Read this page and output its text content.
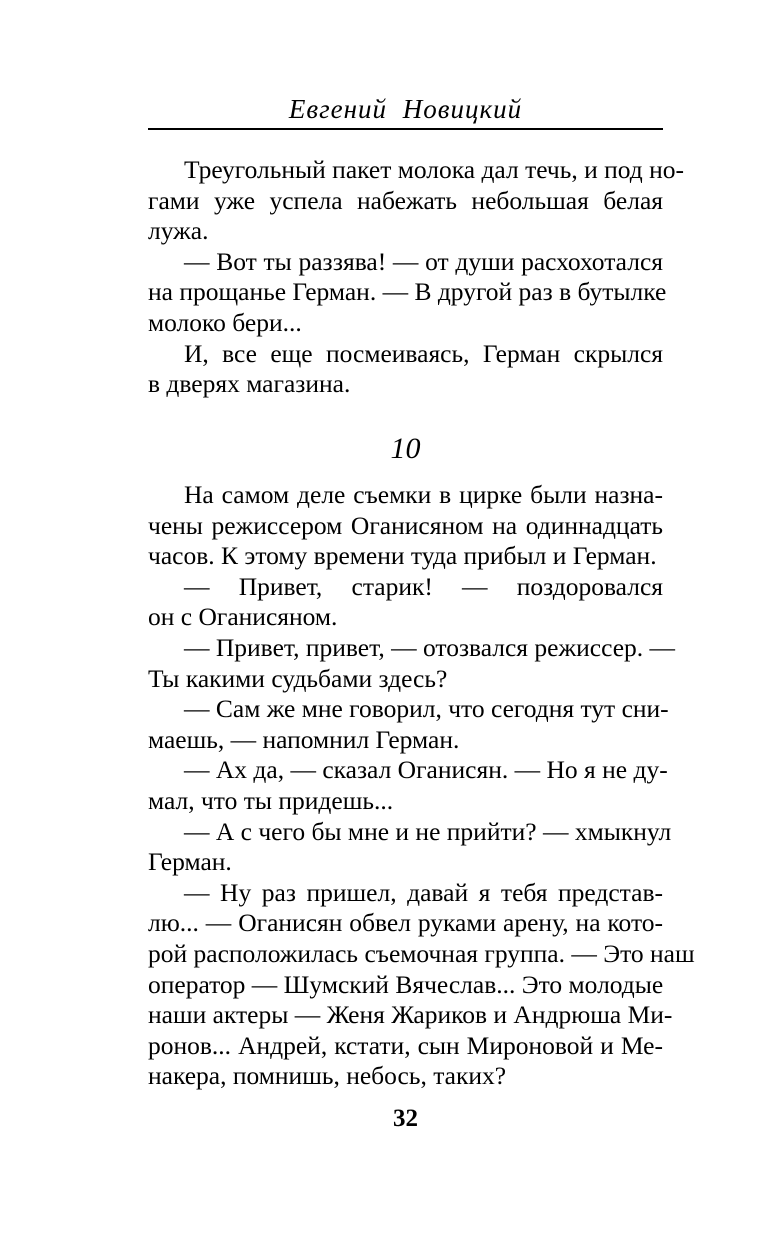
Евгений Новицкий
Треугольный пакет молока дал течь, и под но-
гами уже успела набежать небольшая белая
лужа.
— Вот ты раззява! — от души расхохотался
на прощанье Герман. — В другой раз в бутылке
молоко бери...
И, все еще посмеиваясь, Герман скрылся
в дверях магазина.
10
На самом деле съемки в цирке были назна-
чены режиссером Оганисяном на одиннадцать
часов. К этому времени туда прибыл и Герман.
— Привет, старик! — поздоровался
он с Оганисяном.
— Привет, привет, — отозвался режиссер. —
Ты какими судьбами здесь?
— Сам же мне говорил, что сегодня тут сни-
маешь, — напомнил Герман.
— Ах да, — сказал Оганисян. — Но я не ду-
мал, что ты придешь...
— А с чего бы мне и не прийти? — хмыкнул
Герман.
— Ну раз пришел, давай я тебя представ-
лю... — Оганисян обвел руками арену, на кото-
рой расположилась съемочная группа. — Это наш
оператор — Шумский Вячеслав... Это молодые
наши актеры — Женя Жариков и Андрюша Ми-
ронов... Андрей, кстати, сын Мироновой и Ме-
накера, помнишь, небось, таких?
32
